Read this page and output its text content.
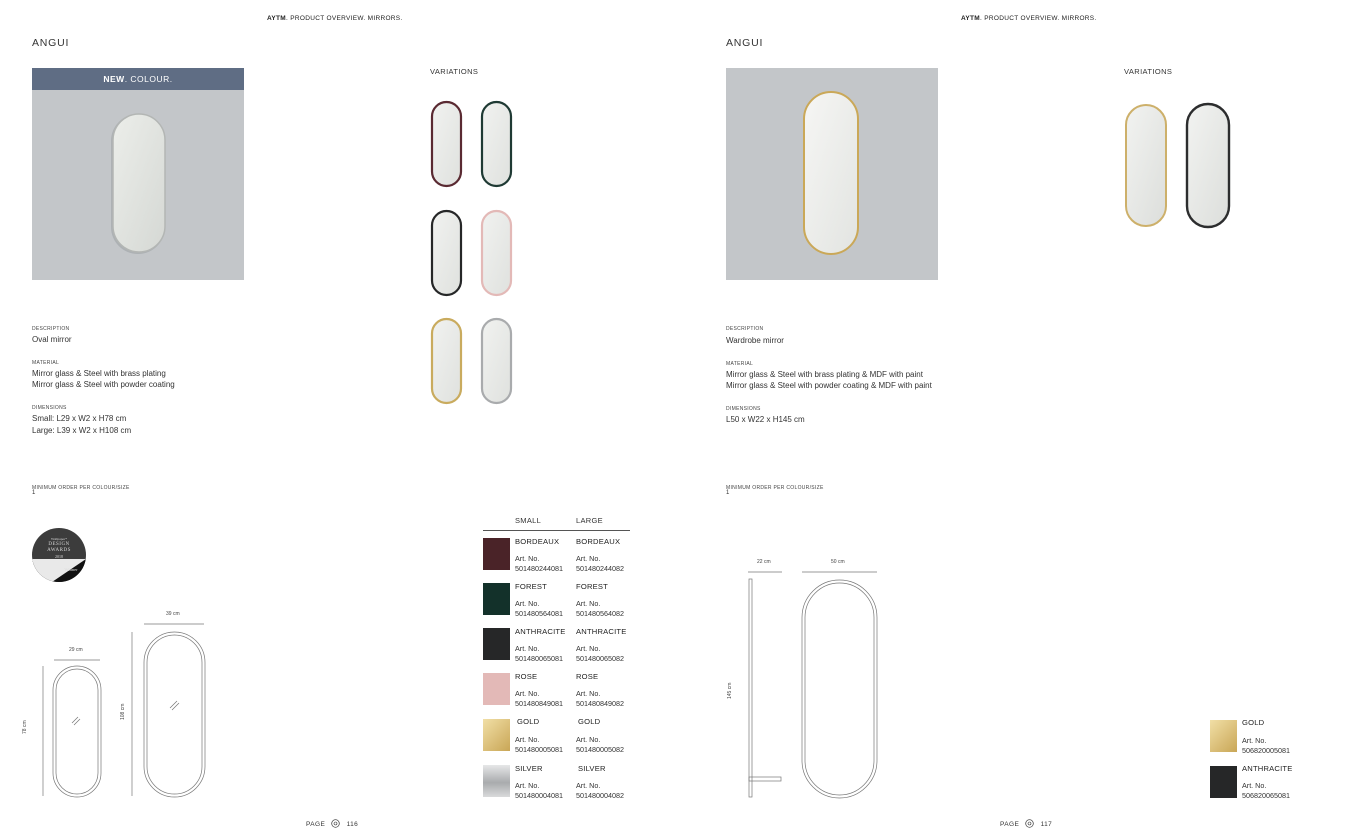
AYTM. PRODUCT OVERVIEW. MIRRORS.
ANGUI
NEW. COLOUR.
VARIATIONS
DESCRIPTION
Oval mirror
MATERIAL
Mirror glass & Steel with brass plating
Mirror glass & Steel with powder coating
DIMENSIONS
Small: L29 x W2 x H78 cm
Large: L39 x W2 x H108 cm
MINIMUM ORDER PER COLOUR/SIZE
1
Wallpaper*
DESIGN
AWARDS
2018
Winner
29 cm
78 cm
39 cm
108 cm
SMALL	LARGE
BORDEAUX BORDEAUX
Art. No.
501480244081
Art. No.
501480244082
FOREST	FOREST
Art. No.
501480564081
Art. No.
501480564082
ANTHRACITE ANTHRACITE
Art. No.
501480065081
Art. No.
501480065082
ROSE	ROSE
Art. No.
501480849081
Art. No.
501480849082
GOLD	GOLD
Art. No.
501480005081
Art. No.
501480005082
SILVER	SILVER
Art. No.
501480004081
Art. No.
501480004082
PAGE	116
AYTM. PRODUCT OVERVIEW. MIRRORS.
ANGUI
VARIATIONS
DESCRIPTION
Wardrobe mirror
MATERIAL
Mirror glass & Steel with brass plating & MDF with paint
Mirror glass & Steel with powder coating & MDF with paint
DIMENSIONS
L50 x W22 x H145 cm
MINIMUM ORDER PER COLOUR/SIZE
1
22 cm	50 cm
145 cm
GOLD
Art. No.
506820005081
ANTHRACITE
Art. No.
506820065081
PAGE	117
